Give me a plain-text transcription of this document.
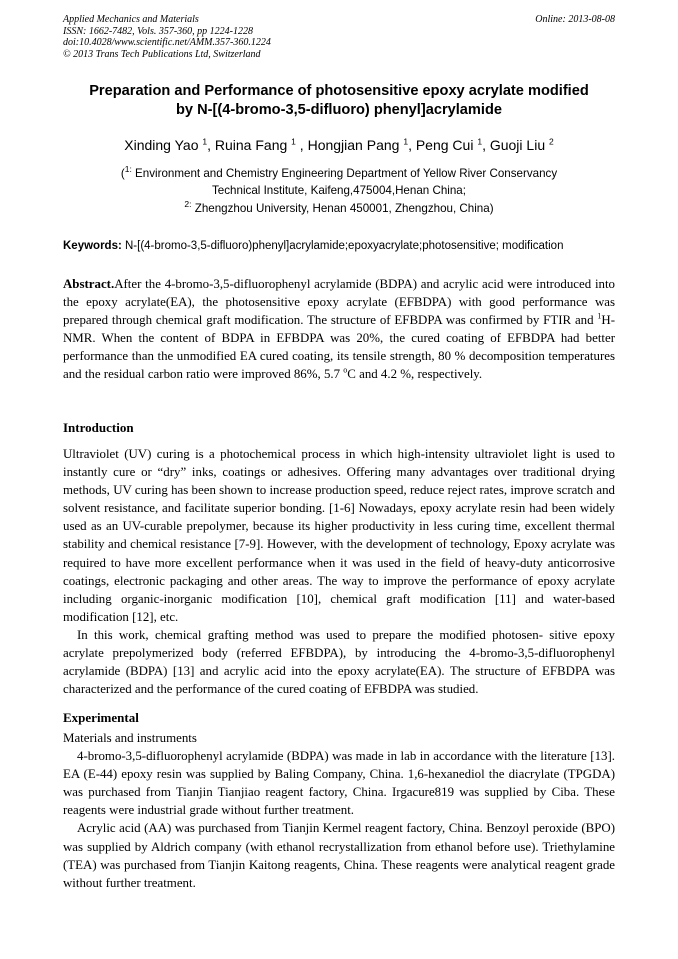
Applied Mechanics and Materials
ISSN: 1662-7482, Vols. 357-360, pp 1224-1228
doi:10.4028/www.scientific.net/AMM.357-360.1224
© 2013 Trans Tech Publications Ltd, Switzerland
Online: 2013-08-08
Preparation and Performance of photosensitive epoxy acrylate modified
by N-[(4-bromo-3,5-difluoro) phenyl]acrylamide
Xinding Yao $^1$, Ruina Fang $^1$ , Hongjian Pang $^1$, Peng Cui $^1$, Guoji Liu $^2$
($^{1:}$ Environment and Chemistry Engineering Department of Yellow River Conservancy
Technical Institute, Kaifeng,475004,Henan China;
$^{2:}$ Zhengzhou University, Henan 450001, Zhengzhou, China)
Keywords: N-[(4-bromo-3,5-difluoro)phenyl]acrylamide;epoxyacrylate;photosensitive; modification

Abstract.After the 4-bromo-3,5-difluorophenyl acrylamide (BDPA) and acrylic acid were introduced into the epoxy acrylate(EA), the photosensitive epoxy acrylate (EFBDPA) with good performance was prepared through chemical graft modification. The structure of EFBDPA was confirmed by FTIR and $^1$H-NMR. When the content of BDPA in EFBDPA was 20%, the cured coating of EFBDPA had better performance than the unmodified EA cured coating, its tensile strength, 80 % decomposition temperatures and the residual carbon ratio were improved 86%, 5.7 $^o$C and 4.2 %, respectively.

Introduction

Ultraviolet (UV) curing is a photochemical process in which high-intensity ultraviolet light is used to instantly cure or “dry” inks, coatings or adhesives. Offering many advantages over traditional drying methods, UV curing has been shown to increase production speed, reduce reject rates, improve scratch and solvent resistance, and facilitate superior bonding. [1-6] Nowadays, epoxy acrylate resin had been widely used as an UV-curable prepolymer, because its higher productivity in less curing time, excellent thermal stability and chemical resistance [7-9]. However, with the development of technology, Epoxy acrylate was required to have more excellent performance when it was used in the field of heavy-duty anticorrosive coatings, electronic packaging and other areas. The way to improve the performance of epoxy acrylate including organic-inorganic modification [10], chemical graft modification [11] and water-based modification [12], etc.

In this work, chemical grafting method was used to prepare the modified photosen- sitive epoxy acrylate prepolymerized body (referred EFBDPA), by introducing the 4-bromo-3,5-difluorophenyl acrylamide (BDPA) [13] and acrylic acid into the epoxy acrylate(EA). The structure of EFBDPA was characterized and the performance of the cured coating of EFBDPA was studied.

Experimental

Materials and instruments

4-bromo-3,5-difluorophenyl acrylamide (BDPA) was made in lab in accordance with the literature [13]. EA (E-44) epoxy resin was supplied by Baling Company, China. 1,6-hexanediol the diacrylate (TPGDA) was purchased from Tianjin Tianjiao reagent factory, China. Irgacure819 was supplied by Ciba. These reagents were industrial grade without further treatment.

Acrylic acid (AA) was purchased from Tianjin Kermel reagent factory, China. Benzoyl peroxide (BPO) was supplied by Aldrich company (with ethanol recrystallization from ethanol before use). Triethylamine (TEA) was purchased from Tianjin Kaitong reagents, China. These reagents were analytical reagent grade without further treatment.
